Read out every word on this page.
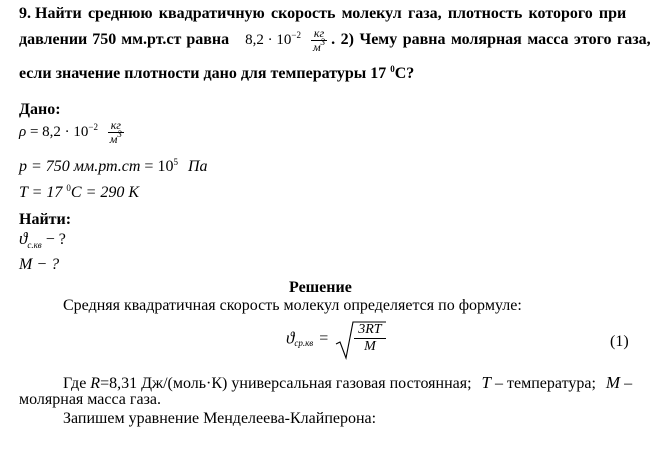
9. Найти среднюю квадратичную скорость молекул газа, плотность которого при
давлении 750 мм.рт.ст равна $8,2 \cdot 10^{-2} \frac{кг}{м^3}$ . 2) Чему равна молярная масса этого газа,
если значение плотности дано для температуры 17 $^0$С?
Дано:
$\rho = 8,2 \cdot 10^{-2} \frac{кг}{м^3}$
p = 750 $мм.рт.ст = 10^5$ Па
T = 17 $^0$C = 290 K
Найти:
$ϑ_{с.кв}$ − ?
M − ?
Решение
Средняя квадратичная скорость молекул определяется по формуле:
$ϑ_{ср.кв} = \frac{3RT}{M}$	(1)
Где R=8,31 Дж/(моль·К) универсальная газовая постоянная; T – температура; M –
молярная масса газа.
Запишем уравнение Менделеева-Клайперона:
